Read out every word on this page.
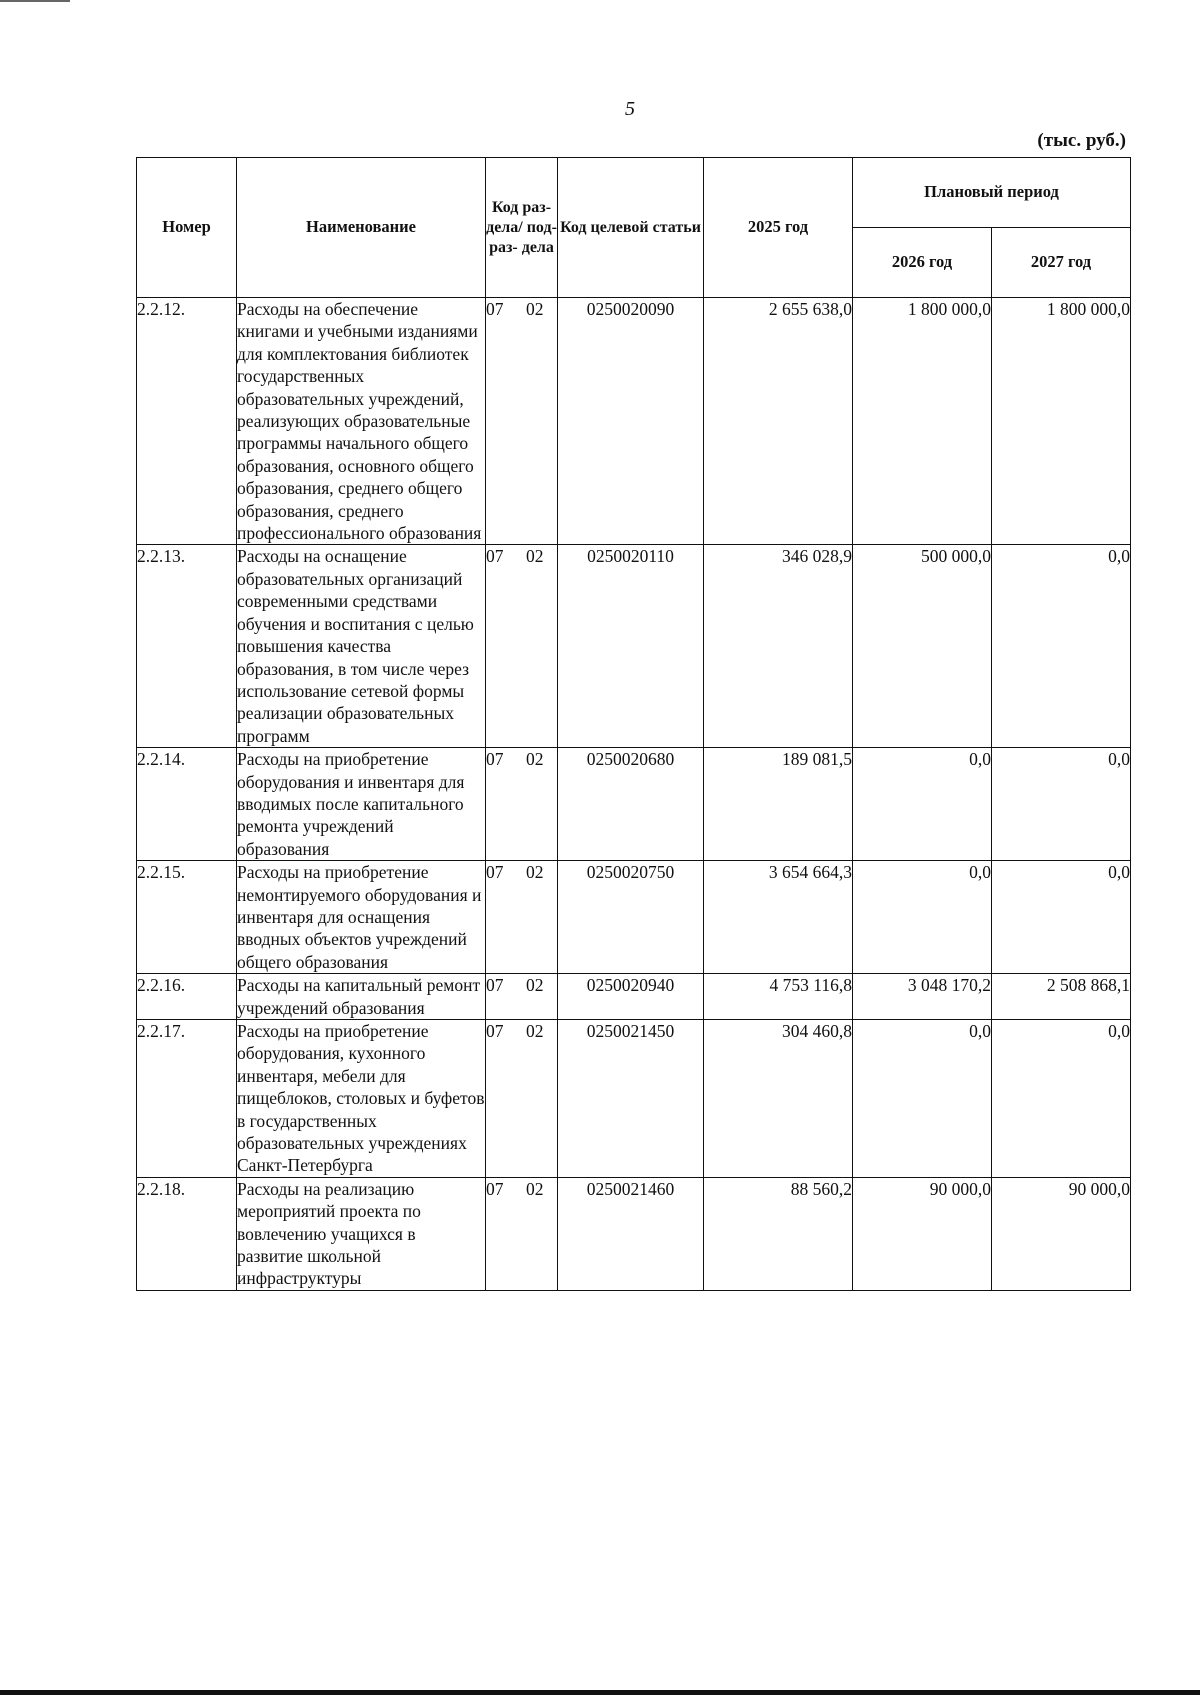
5
(тыс. руб.)
Номер	Наименование	Код раз- дела/ под- раз- дела	Код целевой статьи	2025 год	Плановый период	
					2026 год	2027 год
2.2.12.	Расходы на обеспечение книгами и учебными изданиями для комплектования библиотек государственных образовательных учреждений, реализующих образовательные программы начального общего образования, основного общего образования, среднего общего образования, среднего профессионального образования	07 02	0250020090	2 655 638,0	1 800 000,0	1 800 000,0
2.2.13.	Расходы на оснащение образовательных организаций современными средствами обучения и воспитания с целью повышения качества образования, в том числе через использование сетевой формы реализации образовательных программ	07 02	0250020110	346 028,9	500 000,0	0,0
2.2.14.	Расходы на приобретение оборудования и инвентаря для вводимых после капитального ремонта учреждений образования	07 02	0250020680	189 081,5	0,0	0,0
2.2.15.	Расходы на приобретение немонтируемого оборудования и инвентаря для оснащения вводных объектов учреждений общего образования	07 02	0250020750	3 654 664,3	0,0	0,0
2.2.16.	Расходы на капитальный ремонт учреждений образования	07 02	0250020940	4 753 116,8	3 048 170,2	2 508 868,1
2.2.17.	Расходы на приобретение оборудования, кухонного инвентаря, мебели для пищеблоков, столовых и буфетов в государственных образовательных учреждениях Санкт-Петербурга	07 02	0250021450	304 460,8	0,0	0,0
2.2.18.	Расходы на реализацию мероприятий проекта по вовлечению учащихся в развитие школьной инфраструктуры	07 02	0250021460	88 560,2	90 000,0	90 000,0
